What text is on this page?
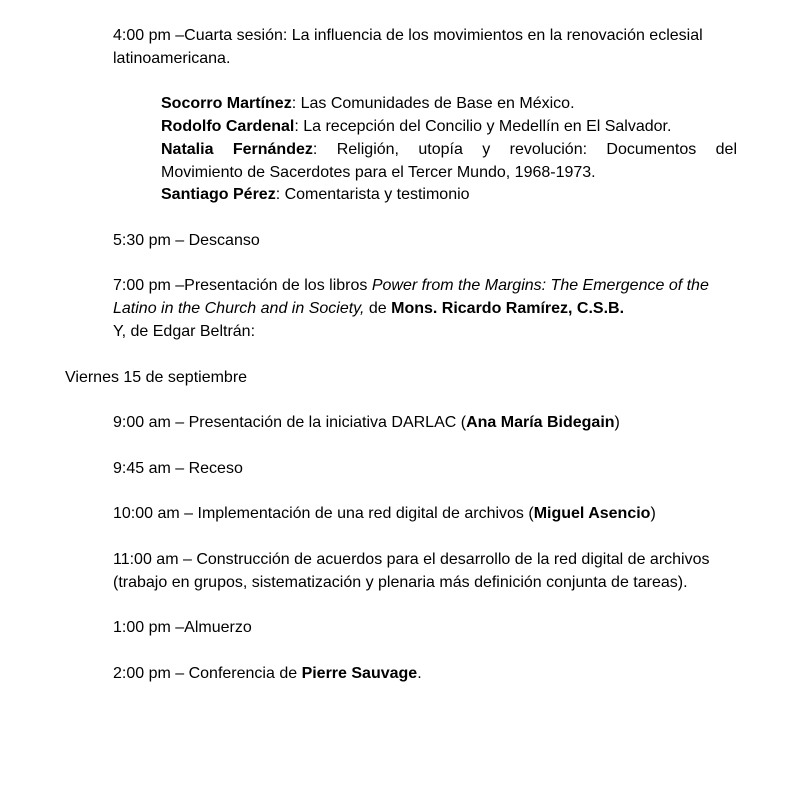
4:00 pm –Cuarta sesión: La influencia de los movimientos en la renovación eclesial
latinoamericana.
Socorro Martínez: Las Comunidades de Base en México.
Rodolfo Cardenal: La recepción del Concilio y Medellín en El Salvador.
Natalia Fernández: Religión, utopía y revolución: Documentos del
Movimiento de Sacerdotes para el Tercer Mundo, 1968-1973.
Santiago Pérez: Comentarista y testimonio
5:30 pm – Descanso
7:00 pm –Presentación de los libros Power from the Margins: The Emergence of the
Latino in the Church and in Society, de Mons. Ricardo Ramírez, C.S.B.
Y, de Edgar Beltrán:
Viernes 15 de septiembre
9:00 am – Presentación de la iniciativa DARLAC (Ana María Bidegain)
9:45 am – Receso
10:00 am – Implementación de una red digital de archivos (Miguel Asencio)
11:00 am – Construcción de acuerdos para el desarrollo de la red digital de archivos
(trabajo en grupos, sistematización y plenaria más definición conjunta de tareas).
1:00 pm –Almuerzo
2:00 pm – Conferencia de Pierre Sauvage.
